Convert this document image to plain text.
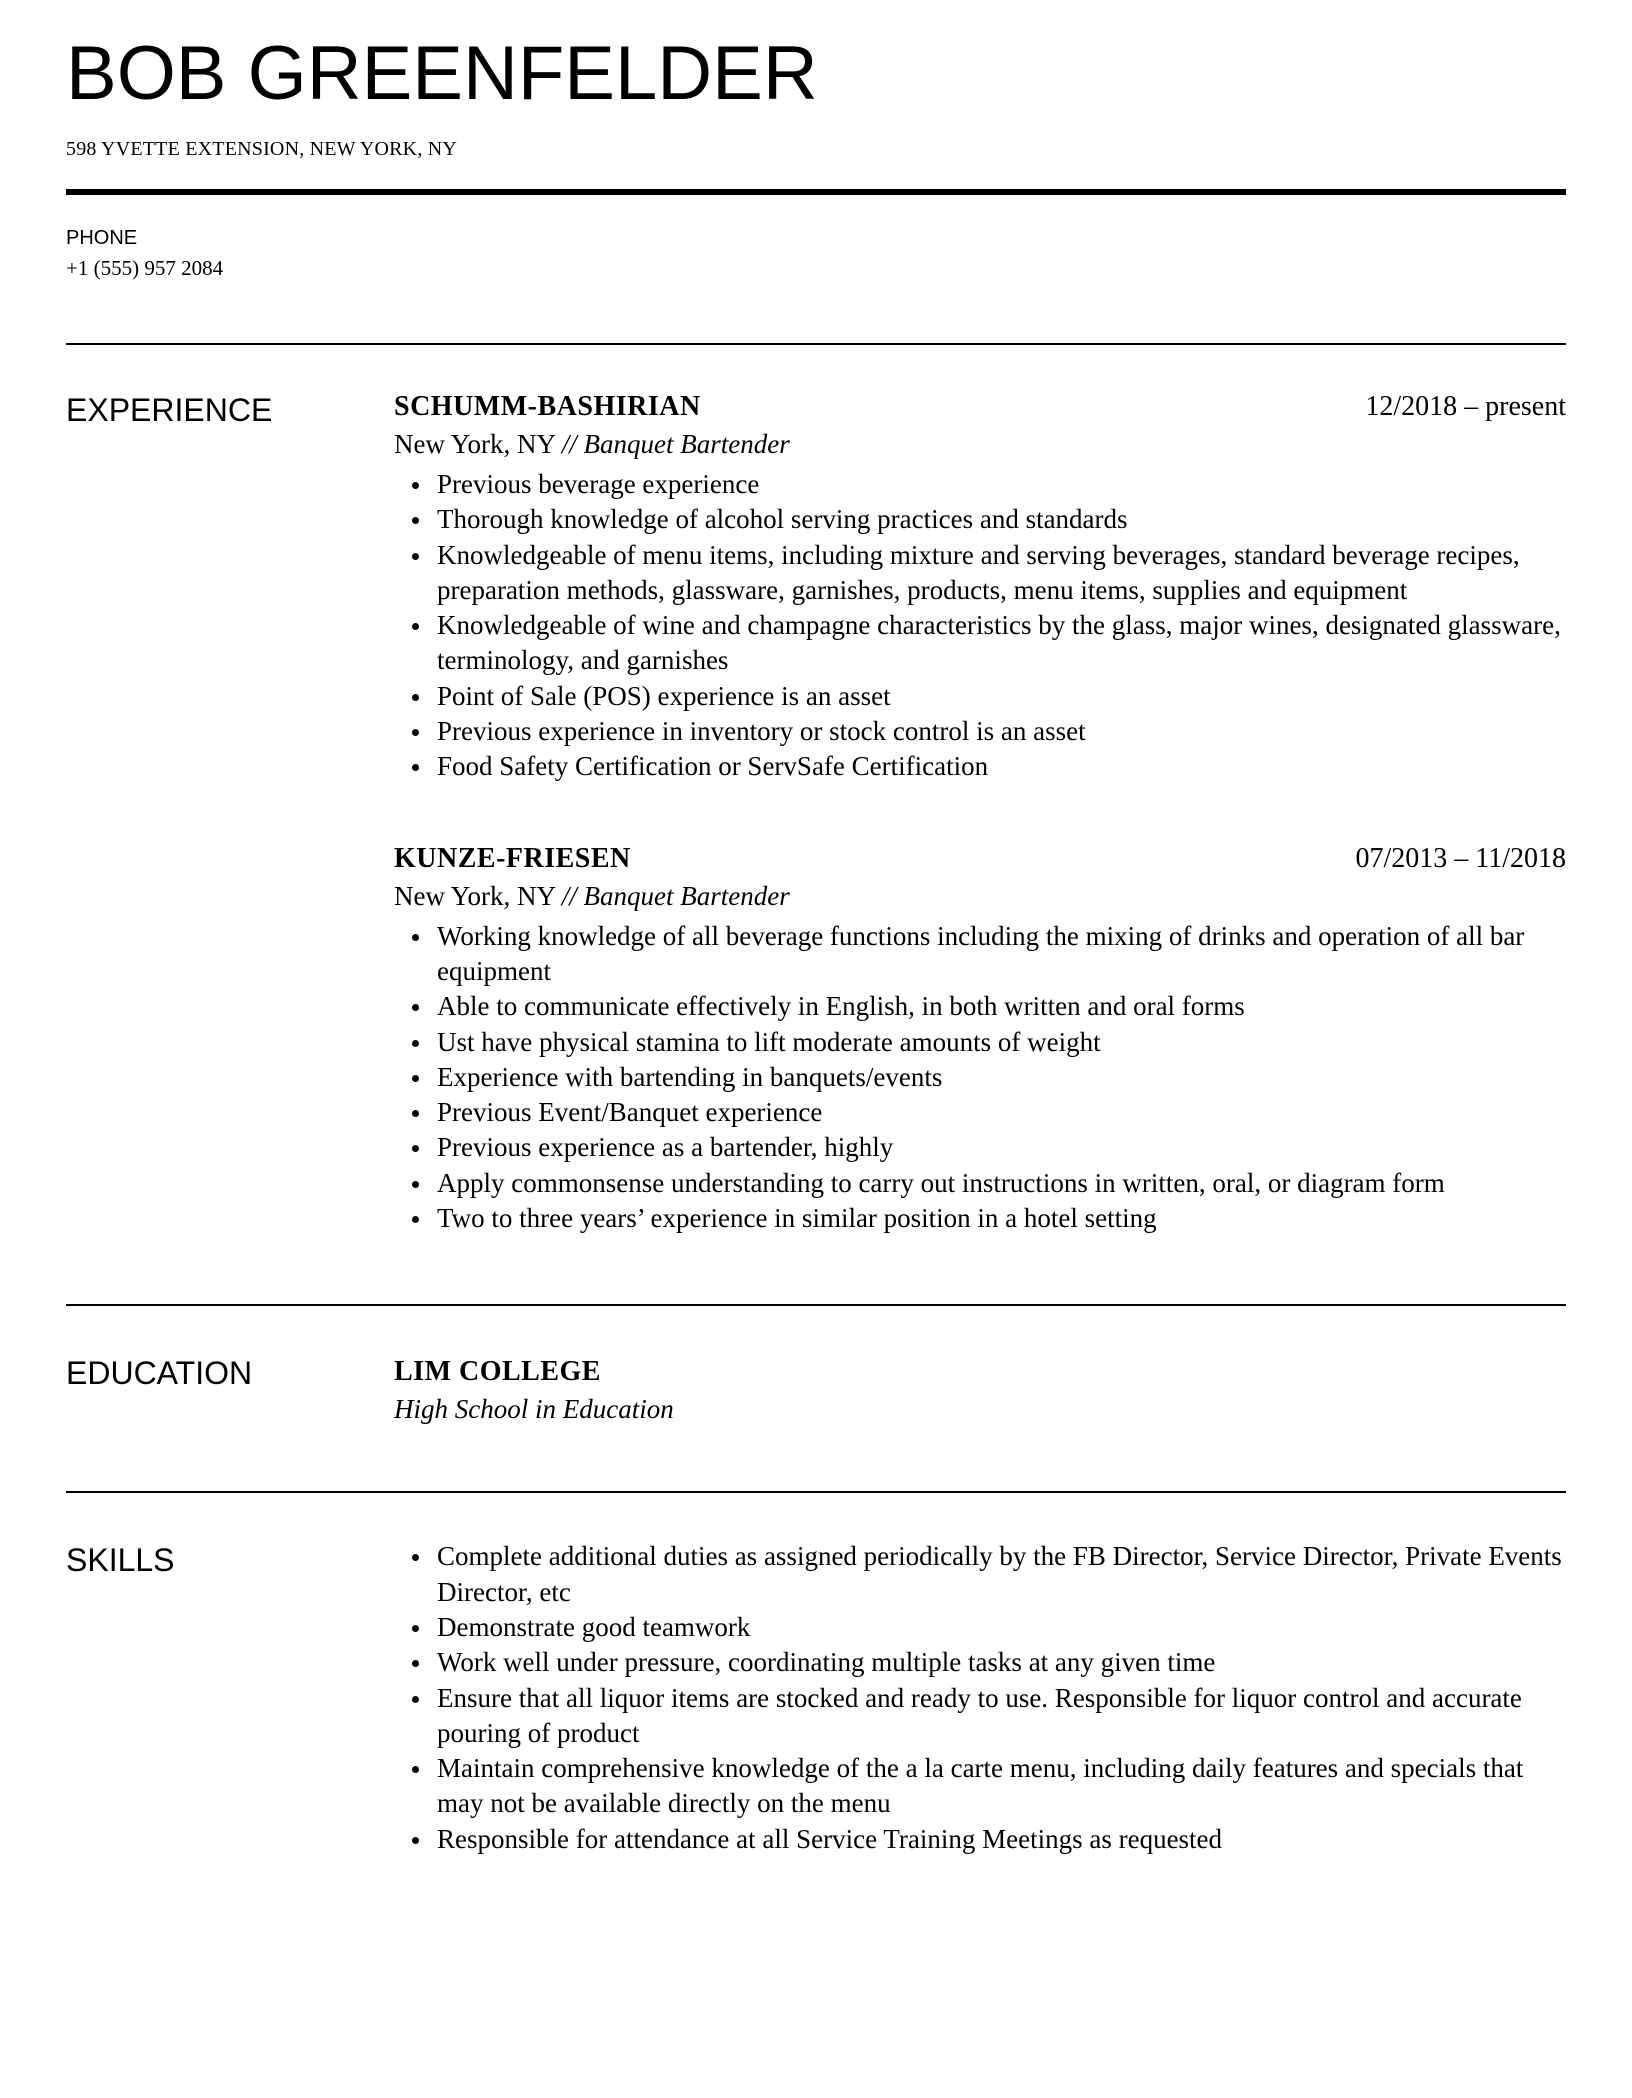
BOB GREENFELDER
598 YVETTE EXTENSION, NEW YORK, NY
PHONE
+1 (555) 957 2084
EXPERIENCE	SCHUMM-BASHIRIAN	12/2018 – present
New York, NY // Banquet Bartender
Previous beverage experience
Thorough knowledge of alcohol serving practices and standards
Knowledgeable of menu items, including mixture and serving beverages, standard beverage recipes, preparation methods, glassware, garnishes, products, menu items, supplies and equipment
Knowledgeable of wine and champagne characteristics by the glass, major wines, designated glassware, terminology, and garnishes
Point of Sale (POS) experience is an asset
Previous experience in inventory or stock control is an asset
Food Safety Certification or ServSafe Certification
KUNZE-FRIESEN	07/2013 – 11/2018
New York, NY // Banquet Bartender
Working knowledge of all beverage functions including the mixing of drinks and operation of all bar equipment
Able to communicate effectively in English, in both written and oral forms
Ust have physical stamina to lift moderate amounts of weight
Experience with bartending in banquets/events
Previous Event/Banquet experience
Previous experience as a bartender, highly
Apply commonsense understanding to carry out instructions in written, oral, or diagram form
Two to three years’ experience in similar position in a hotel setting
EDUCATION	LIM COLLEGE
High School in Education
SKILLS	Complete additional duties as assigned periodically by the FB Director, Service Director, Private Events Director, etc
Demonstrate good teamwork
Work well under pressure, coordinating multiple tasks at any given time
Ensure that all liquor items are stocked and ready to use. Responsible for liquor control and accurate pouring of product
Maintain comprehensive knowledge of the a la carte menu, including daily features and specials that may not be available directly on the menu
Responsible for attendance at all Service Training Meetings as requested
